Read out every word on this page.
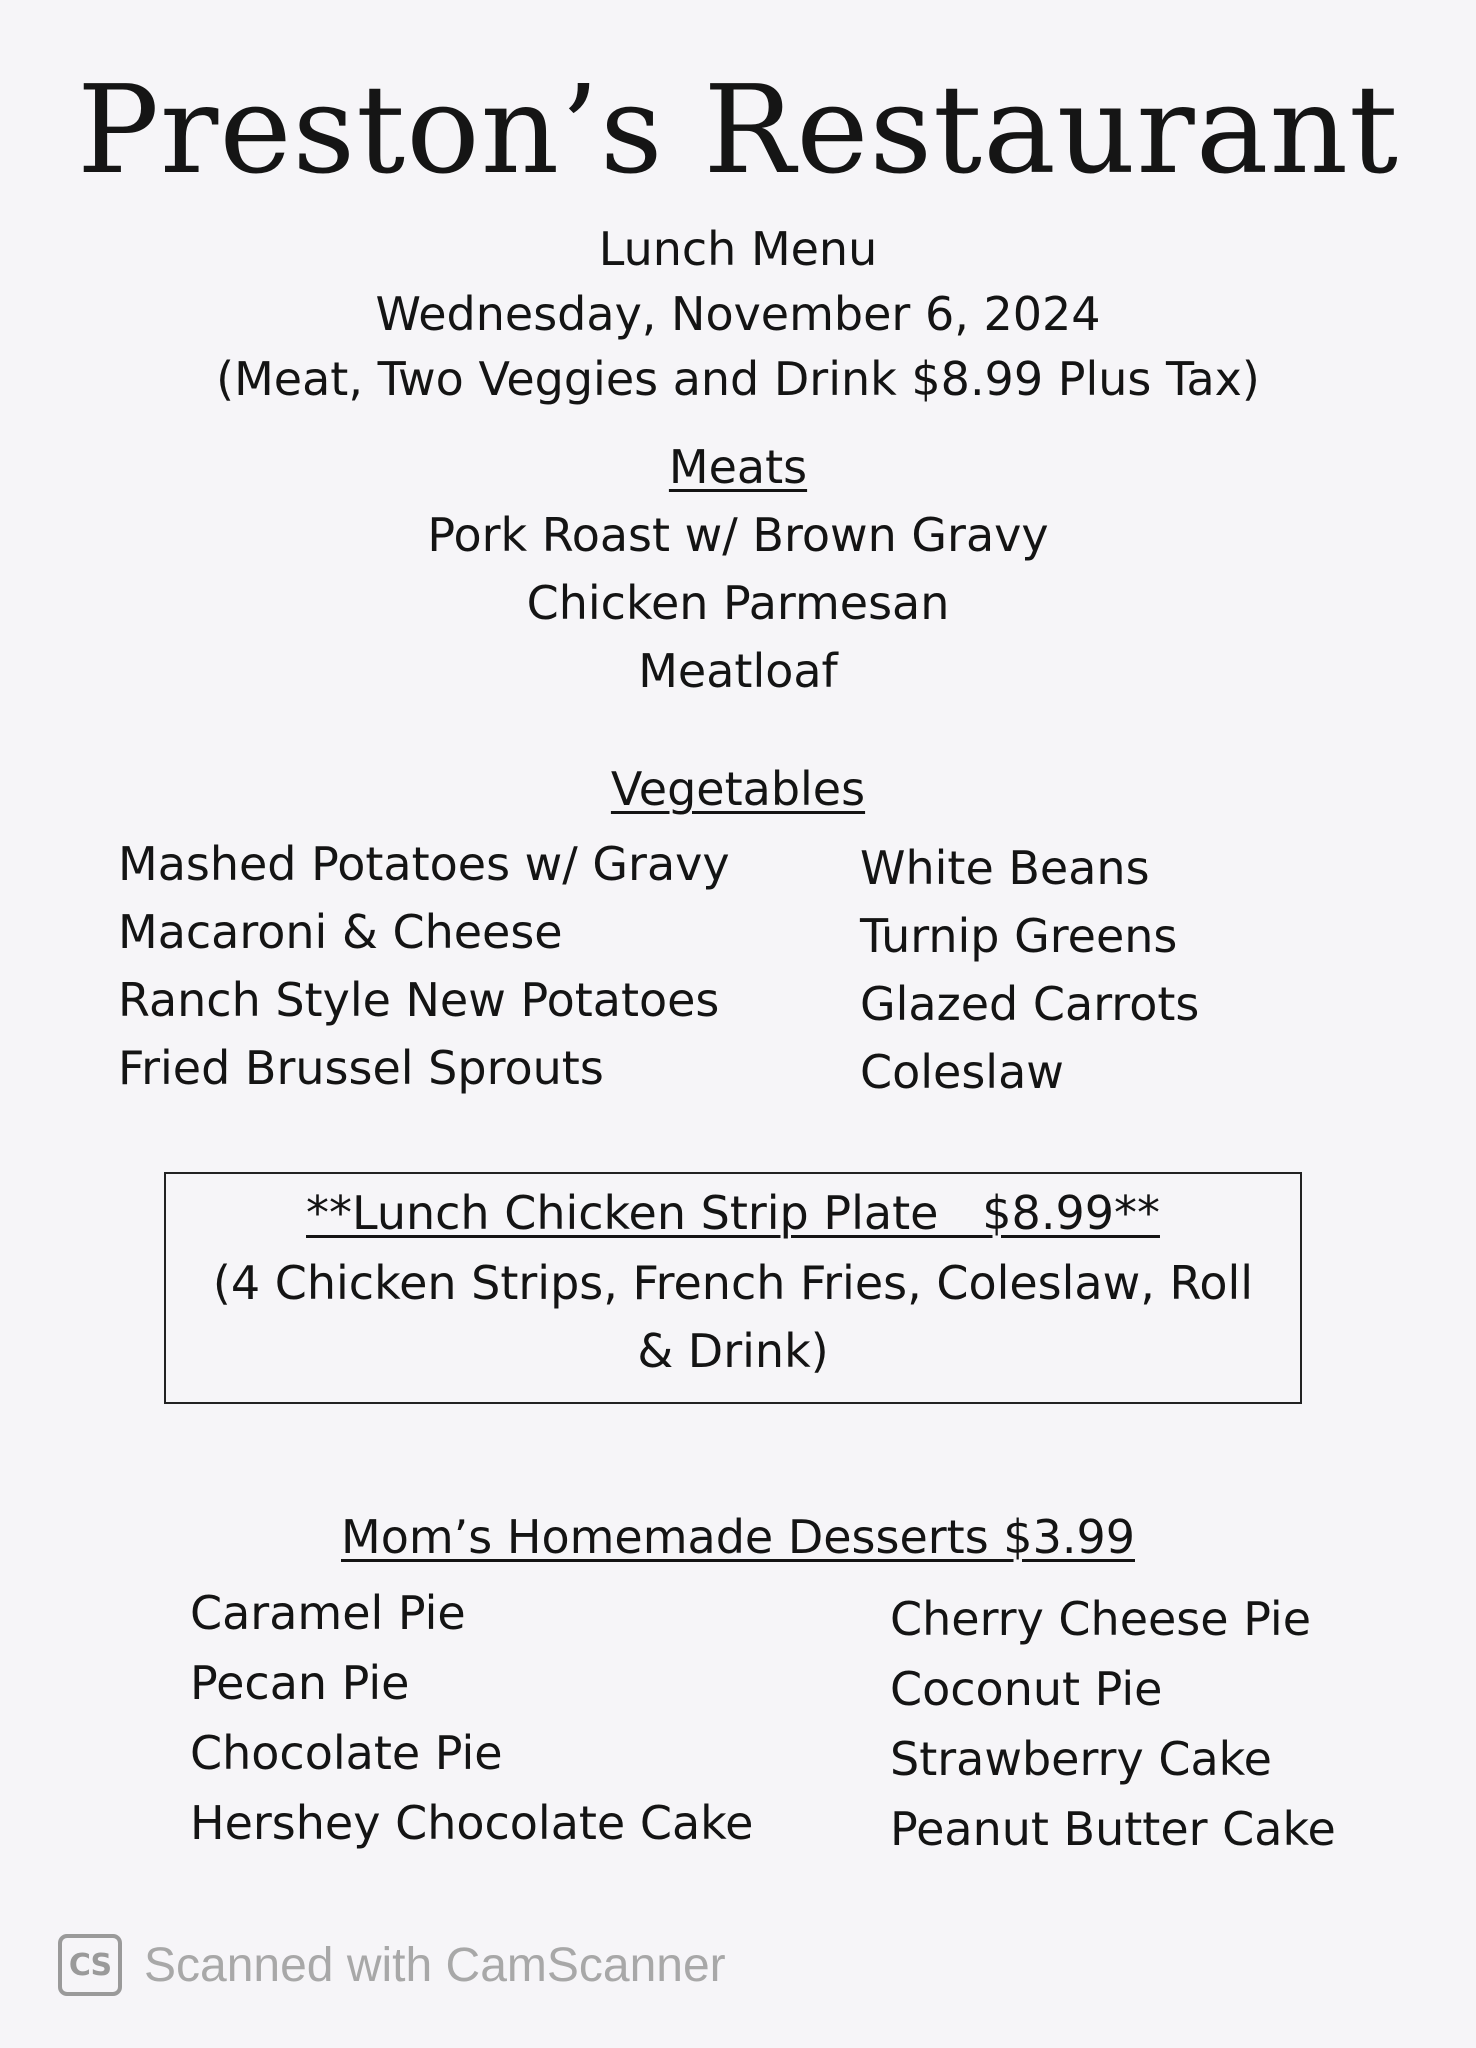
Preston’s Restaurant
Lunch Menu
Wednesday, November 6, 2024
(Meat, Two Veggies and Drink $8.99 Plus Tax)
Meats
Pork Roast w/ Brown Gravy
Chicken Parmesan
Meatloaf
Vegetables
Mashed Potatoes w/ Gravy
Macaroni & Cheese
Ranch Style New Potatoes
Fried Brussel Sprouts
White Beans
Turnip Greens
Glazed Carrots
Coleslaw
**Lunch Chicken Strip Plate   $8.99**
(4 Chicken Strips, French Fries, Coleslaw, Roll
& Drink)
Mom’s Homemade Desserts $3.99
Caramel Pie
Pecan Pie
Chocolate Pie
Hershey Chocolate Cake
Cherry Cheese Pie
Coconut Pie
Strawberry Cake
Peanut Butter Cake
CS Scanned with CamScanner
